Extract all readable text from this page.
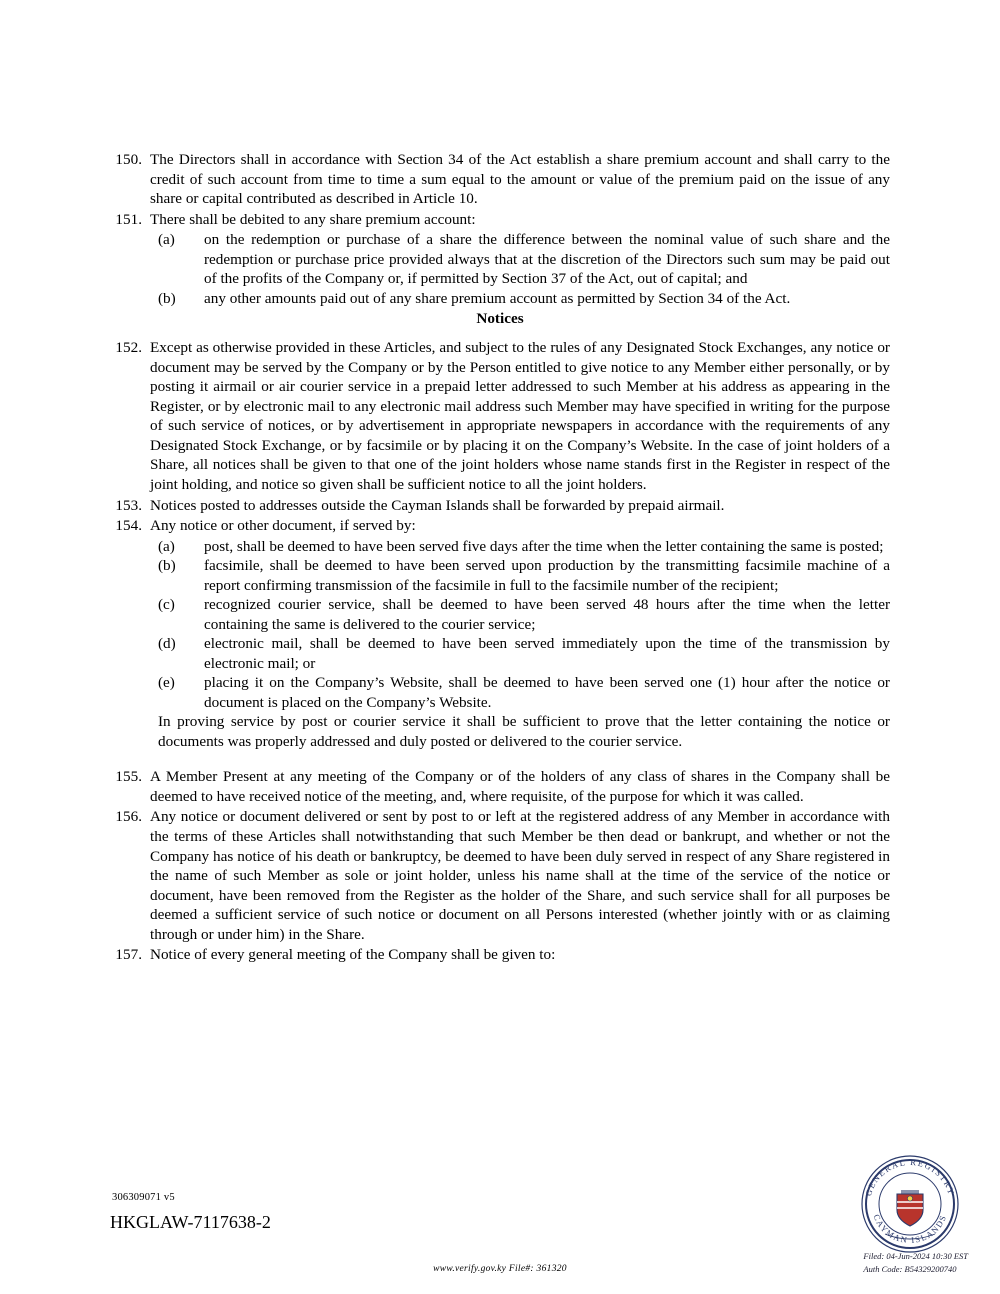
150. The Directors shall in accordance with Section 34 of the Act establish a share premium account and shall carry to the credit of such account from time to time a sum equal to the amount or value of the premium paid on the issue of any share or capital contributed as described in Article 10.
151. There shall be debited to any share premium account:
(a)	on the redemption or purchase of a share the difference between the nominal value of such share and the redemption or purchase price provided always that at the discretion of the Directors such sum may be paid out of the profits of the Company or, if permitted by Section 37 of the Act, out of capital; and
(b)	any other amounts paid out of any share premium account as permitted by Section 34 of the Act.
Notices
152. Except as otherwise provided in these Articles, and subject to the rules of any Designated Stock Exchanges, any notice or document may be served by the Company or by the Person entitled to give notice to any Member either personally, or by posting it airmail or air courier service in a prepaid letter addressed to such Member at his address as appearing in the Register, or by electronic mail to any electronic mail address such Member may have specified in writing for the purpose of such service of notices, or by advertisement in appropriate newspapers in accordance with the requirements of any Designated Stock Exchange, or by facsimile or by placing it on the Company’s Website. In the case of joint holders of a Share, all notices shall be given to that one of the joint holders whose name stands first in the Register in respect of the joint holding, and notice so given shall be sufficient notice to all the joint holders.
153. Notices posted to addresses outside the Cayman Islands shall be forwarded by prepaid airmail.
154. Any notice or other document, if served by:
(a)	post, shall be deemed to have been served five days after the time when the letter containing the same is posted;
(b)	facsimile, shall be deemed to have been served upon production by the transmitting facsimile machine of a report confirming transmission of the facsimile in full to the facsimile number of the recipient;
(c)	recognized courier service, shall be deemed to have been served 48 hours after the time when the letter containing the same is delivered to the courier service;
(d)	electronic mail, shall be deemed to have been served immediately upon the time of the transmission by electronic mail; or
(e)	placing it on the Company’s Website, shall be deemed to have been served one (1) hour after the notice or document is placed on the Company’s Website.
In proving service by post or courier service it shall be sufficient to prove that the letter containing the notice or documents was properly addressed and duly posted or delivered to the courier service.
155. A Member Present at any meeting of the Company or of the holders of any class of shares in the Company shall be deemed to have received notice of the meeting, and, where requisite, of the purpose for which it was called.
156. Any notice or document delivered or sent by post to or left at the registered address of any Member in accordance with the terms of these Articles shall notwithstanding that such Member be then dead or bankrupt, and whether or not the Company has notice of his death or bankruptcy, be deemed to have been duly served in respect of any Share registered in the name of such Member as sole or joint holder, unless his name shall at the time of the service of the notice or document, have been removed from the Register as the holder of the Share, and such service shall for all purposes be deemed a sufficient service of such notice or document on all Persons interested (whether jointly with or as claiming through or under him) in the Share.
157. Notice of every general meeting of the Company shall be given to:
306309071 v5
HKGLAW-7117638-2
www.verify.gov.ky File#: 361320
GENERAL REGISTRY
CAYMAN ISLANDS
Filed: 04-Jun-2024 10:30 EST
Auth Code: B54329200740
